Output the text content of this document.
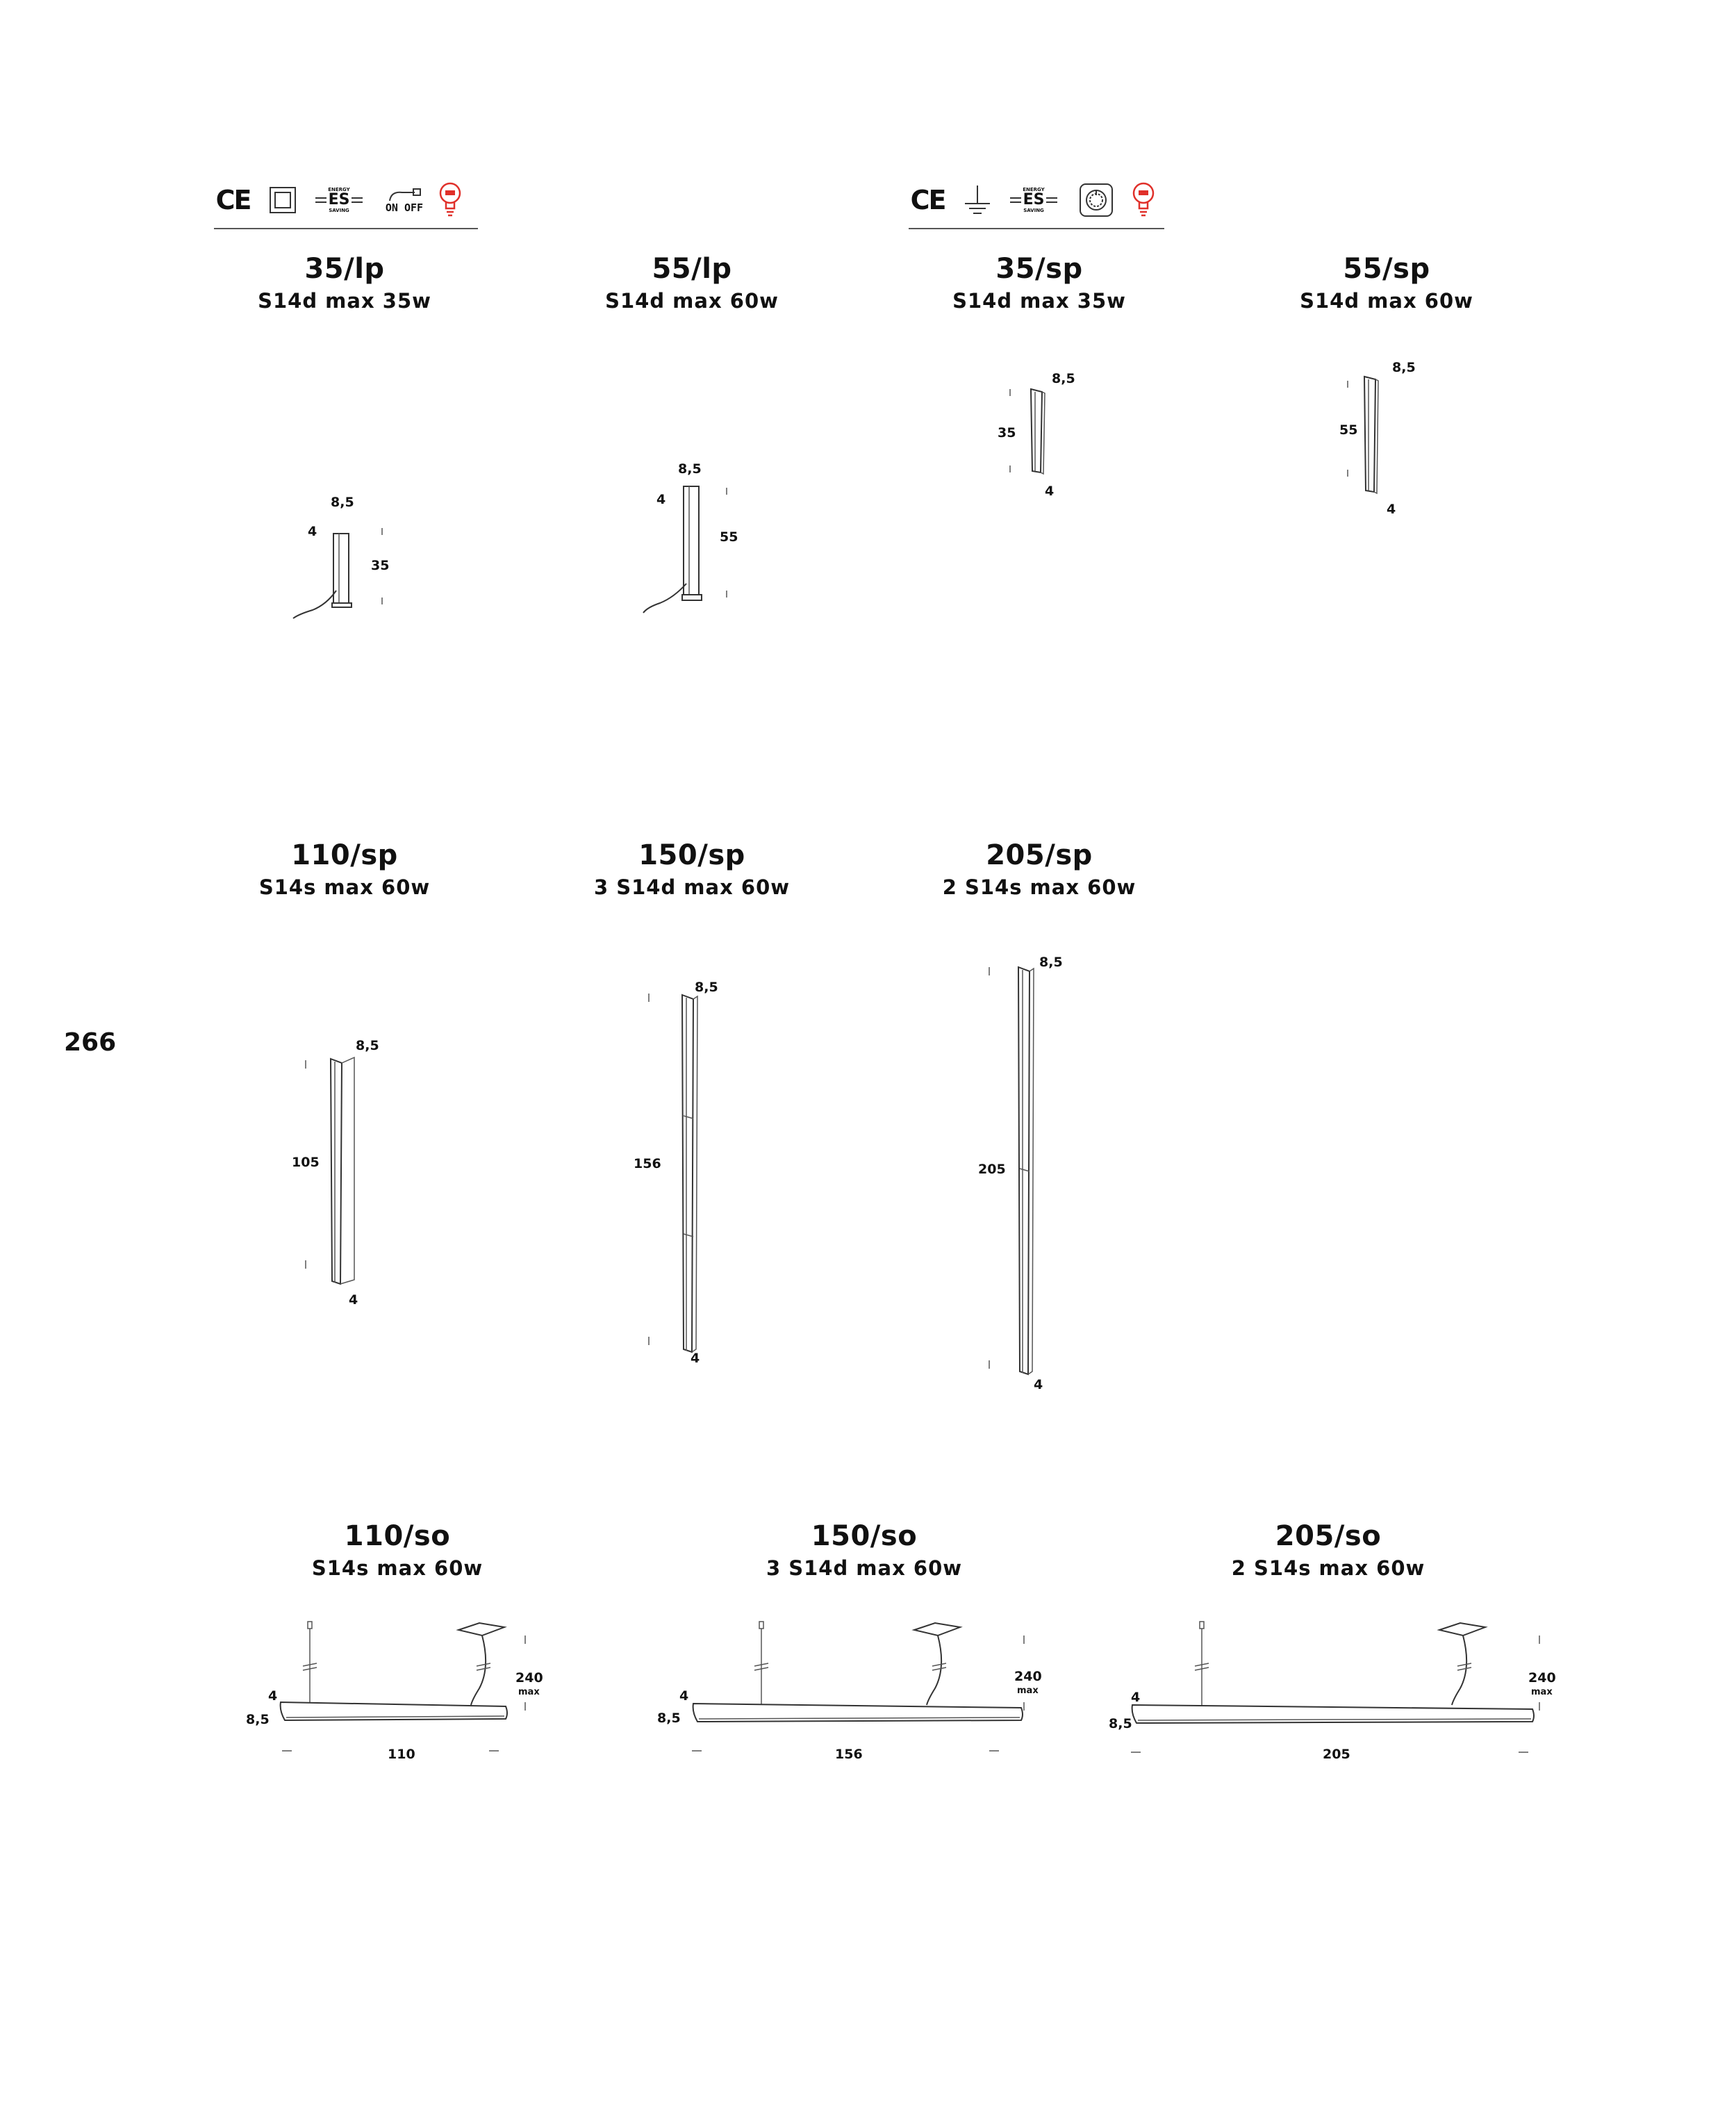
266
CE	ENERGY
ES
SAVING	ON OFF	CE	ENERGY
ES
SAVING
35/lp
S14d max 35w
55/lp
S14d max 60w
35/sp
S14d max 35w
55/sp
S14d max 60w
8,5
4
35
8,5
4
55
8,5
35
4
8,5
55
4
110/sp
S14s max 60w
150/sp
3 S14d max 60w
205/sp
2 S14s max 60w
8,5
105
4
8,5
156
4
8,5
205
4
110/so
S14s max 60w
150/so
3 S14d max 60w
205/so
2 S14s max 60w
4
8,5
110
240
max	4
8,5
156
240
max	4
8,5
205
240
max
